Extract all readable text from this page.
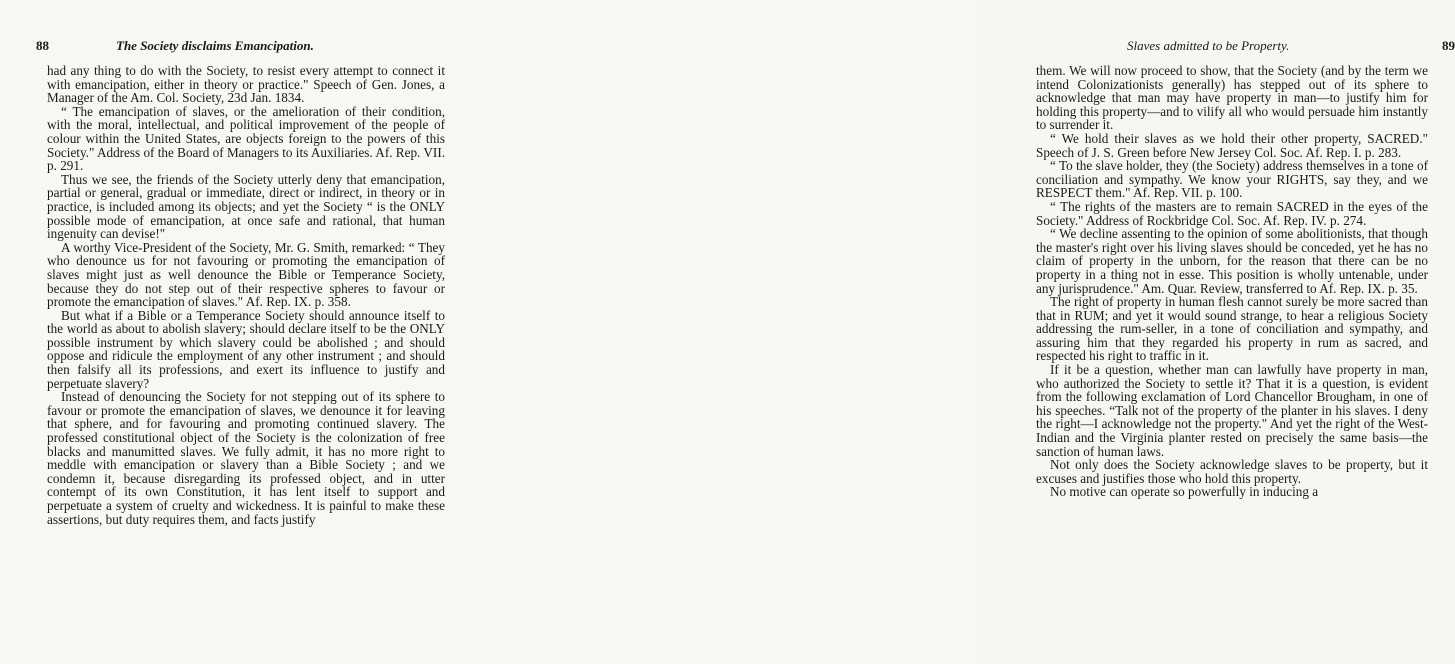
88	The Society disclaims Emancipation.

had any thing to do with the Society, to resist every attempt to connect it with emancipation, either in theory or practice." Speech of Gen. Jones, a Manager of the Am. Col. Society, 23d Jan. 1834.

“ The emancipation of slaves, or the amelioration of their condition, with the moral, intellectual, and political improvement of the people of colour within the United States, are objects foreign to the powers of this Society." Address of the Board of Managers to its Auxiliaries. Af. Rep. VII. p. 291.

Thus we see, the friends of the Society utterly deny that emancipation, partial or general, gradual or immediate, direct or indirect, in theory or in practice, is included among its objects; and yet the Society “ is the ONLY possible mode of emancipation, at once safe and rational, that human ingenuity can devise!"

A worthy Vice-President of the Society, Mr. G. Smith, remarked: “ They who denounce us for not favouring or promoting the emancipation of slaves might just as well denounce the Bible or Temperance Society, because they do not step out of their respective spheres to favour or promote the emancipation of slaves." Af. Rep. IX. p. 358.

But what if a Bible or a Temperance Society should announce itself to the world as about to abolish slavery; should declare itself to be the ONLY possible instrument by which slavery could be abolished ; and should oppose and ridicule the employment of any other instrument ; and should then falsify all its professions, and exert its influence to justify and perpetuate slavery?

Instead of denouncing the Society for not stepping out of its sphere to favour or promote the emancipation of slaves, we denounce it for leaving that sphere, and for favouring and promoting continued slavery. The professed constitutional object of the Society is the colonization of free blacks and manumitted slaves. We fully admit, it has no more right to meddle with emancipation or slavery than a Bible Society ; and we condemn it, because disregarding its professed object, and in utter contempt of its own Constitution, it has lent itself to support and perpetuate a system of cruelty and wickedness. It is painful to make these assertions, but duty requires them, and facts justify

Slaves admitted to be Property.	89

them. We will now proceed to show, that the Society (and by the term we intend Colonizationists generally) has stepped out of its sphere to acknowledge that man may have property in man—to justify him for holding this property—and to vilify all who would persuade him instantly to surrender it.

“ We hold their slaves as we hold their other property, SACRED." Speech of J. S. Green before New Jersey Col. Soc. Af. Rep. I. p. 283.

“ To the slave holder, they (the Society) address themselves in a tone of conciliation and sympathy. We know your RIGHTS, say they, and we RESPECT them." Af. Rep. VII. p. 100.

“ The rights of the masters are to remain SACRED in the eyes of the Society." Address of Rockbridge Col. Soc. Af. Rep. IV. p. 274.

“ We decline assenting to the opinion of some abolitionists, that though the master's right over his living slaves should be conceded, yet he has no claim of property in the unborn, for the reason that there can be no property in a thing not in esse. This position is wholly untenable, under any jurisprudence." Am. Quar. Review, transferred to Af. Rep. IX. p. 35.

The right of property in human flesh cannot surely be more sacred than that in RUM; and yet it would sound strange, to hear a religious Society addressing the rum-seller, in a tone of conciliation and sympathy, and assuring him that they regarded his property in rum as sacred, and respected his right to traffic in it.

If it be a question, whether man can lawfully have property in man, who authorized the Society to settle it? That it is a question, is evident from the following exclamation of Lord Chancellor Brougham, in one of his speeches. “Talk not of the property of the planter in his slaves. I deny the right—I acknowledge not the property." And yet the right of the West-Indian and the Virginia planter rested on precisely the same basis—the sanction of human laws.

Not only does the Society acknowledge slaves to be property, but it excuses and justifies those who hold this property.

No motive can operate so powerfully in inducing a
